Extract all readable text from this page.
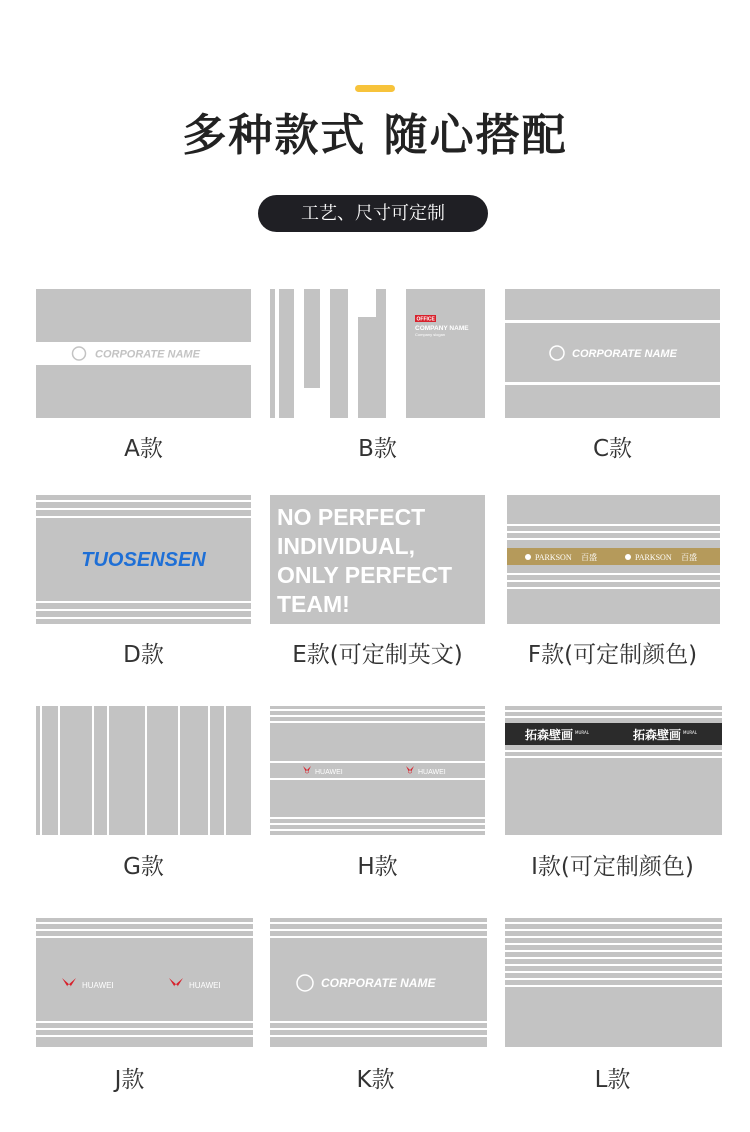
多种款式 随心搭配
工艺、尺寸可定制
CORPORATE NAME
A款
OFFICE
COMPANY NAME
Company slogan
B款
CORPORATE NAME
C款
TUOSENSEN
D款
NO PERFECT
INDIVIDUAL,
ONLY PERFECT
TEAM!
E款(可定制英文)
PARKSON	PARKSON
百盛	百盛
F款(可定制颜色)
G款
HUAWEI	HUAWEI
H款
拓森壁画 MURAL	拓森壁画 MURAL
I款(可定制颜色)
HUAWEI	HUAWEI
J款
CORPORATE NAME
K款	L款
